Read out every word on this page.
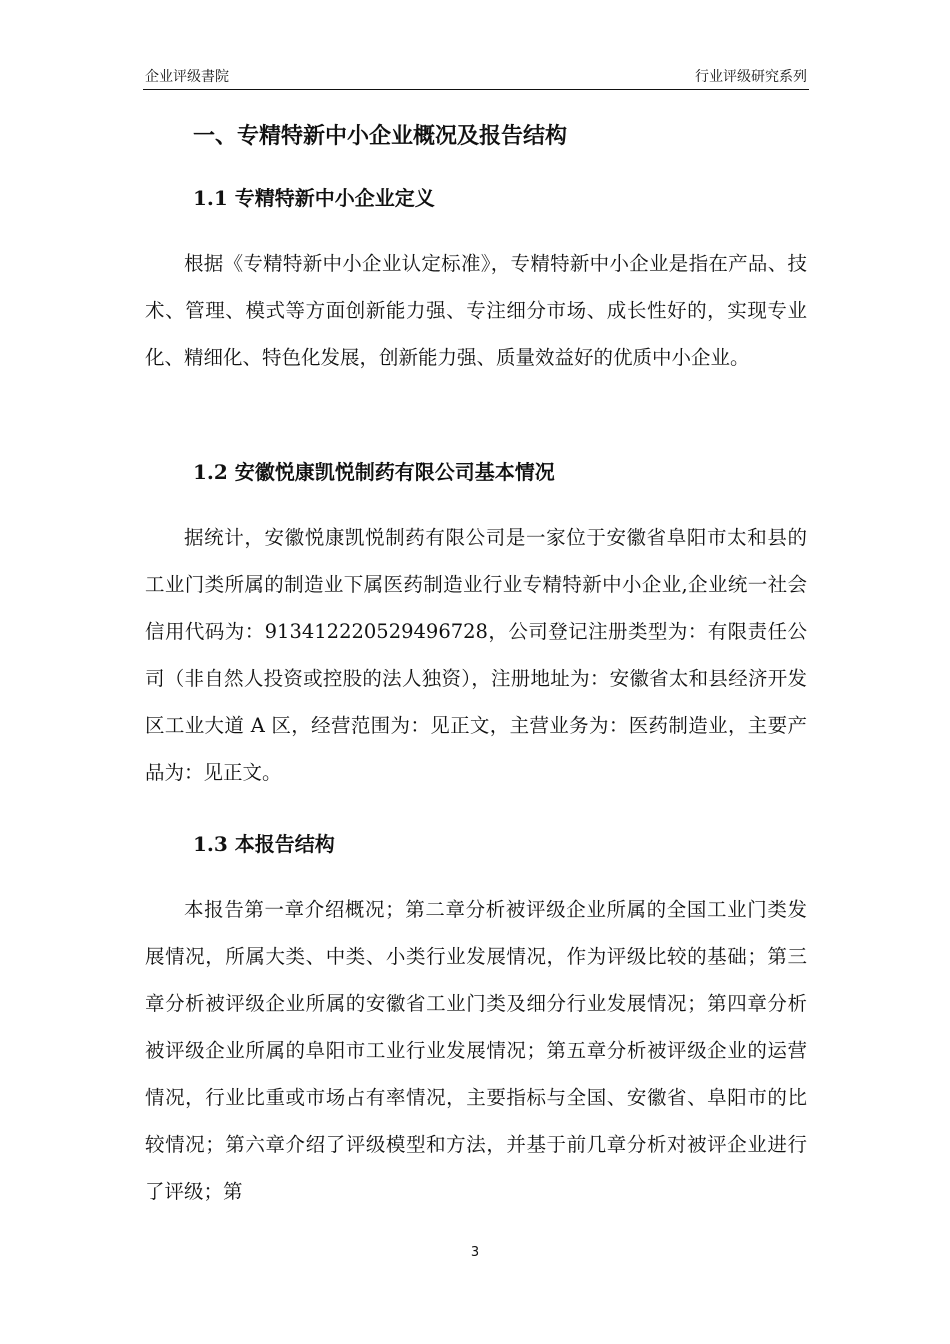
企业评级書院	行业评级研究系列
一、专精特新中小企业概况及报告结构
1.1 专精特新中小企业定义

根据《专精特新中小企业认定标准》，专精特新中小企业是指在产品、技术、管理、模式等方面创新能力强、专注细分市场、成长性好的，实现专业化、精细化、特色化发展，创新能力强、质量效益好的优质中小企业。

1.2 安徽悦康凯悦制药有限公司基本情况

据统计，安徽悦康凯悦制药有限公司是一家位于安徽省阜阳市太和县的工业门类所属的制造业下属医药制造业行业专精特新中小企业,企业统一社会信用代码为：913412220529496728，公司登记注册类型为：有限责任公司（非自然人投资或控股的法人独资），注册地址为：安徽省太和县经济开发区工业大道 A 区，经营范围为：见正文，主营业务为：医药制造业，主要产品为：见正文。

1.3 本报告结构

本报告第一章介绍概况；第二章分析被评级企业所属的全国工业门类发展情况，所属大类、中类、小类行业发展情况，作为评级比较的基础；第三章分析被评级企业所属的安徽省工业门类及细分行业发展情况；第四章分析被评级企业所属的阜阳市工业行业发展情况；第五章分析被评级企业的运营情况，行业比重或市场占有率情况，主要指标与全国、安徽省、阜阳市的比较情况；第六章介绍了评级模型和方法，并基于前几章分析对被评企业进行了评级；第

3
